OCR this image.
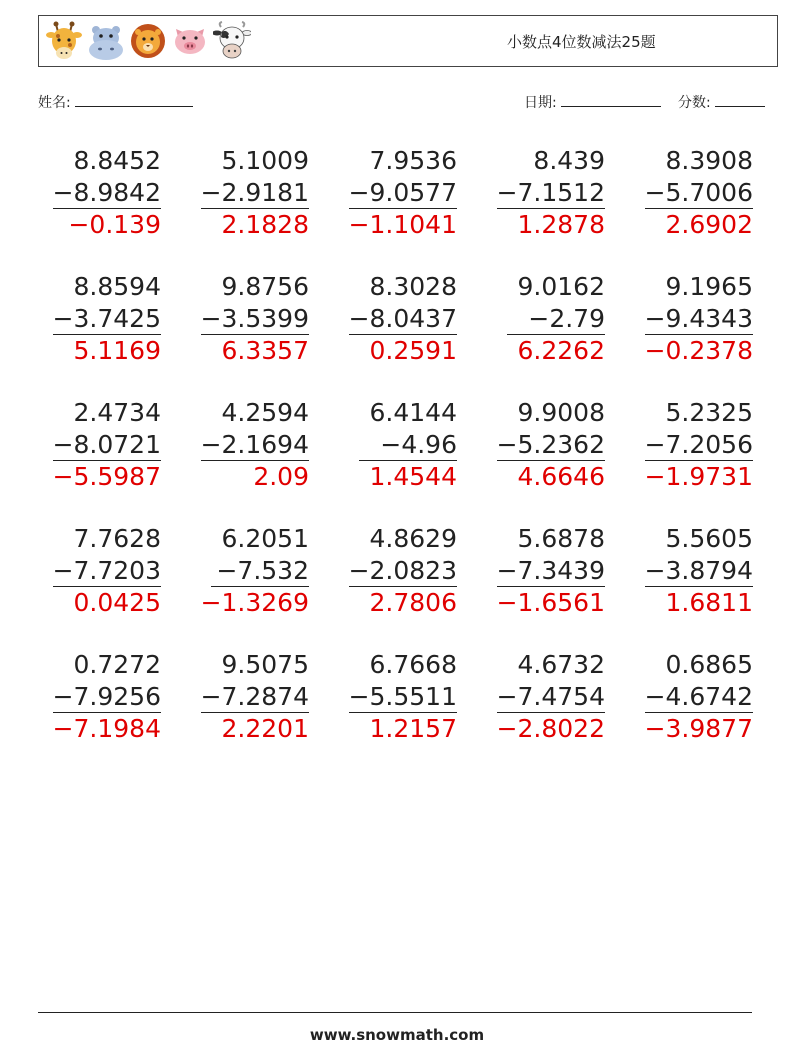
小数点4位数减法25题
姓名:	日期:	分数:
8.8452
−8.9842
−0.139
5.1009
−2.9181
2.1828
7.9536
−9.0577
−1.1041
8.439
−7.1512
1.2878
8.3908
−5.7006
2.6902
8.8594
−3.7425
5.1169
9.8756
−3.5399
6.3357
8.3028
−8.0437
0.2591
9.0162
−2.79
6.2262
9.1965
−9.4343
−0.2378
2.4734
−8.0721
−5.5987
4.2594
−2.1694
2.09
6.4144
−4.96
1.4544
9.9008
−5.2362
4.6646
5.2325
−7.2056
−1.9731
7.7628
−7.7203
0.0425
6.2051
−7.532
−1.3269
4.8629
−2.0823
2.7806
5.6878
−7.3439
−1.6561
5.5605
−3.8794
1.6811
0.7272
−7.9256
−7.1984
9.5075
−7.2874
2.2201
6.7668
−5.5511
1.2157
4.6732
−7.4754
−2.8022
0.6865
−4.6742
−3.9877
www.snowmath.com
